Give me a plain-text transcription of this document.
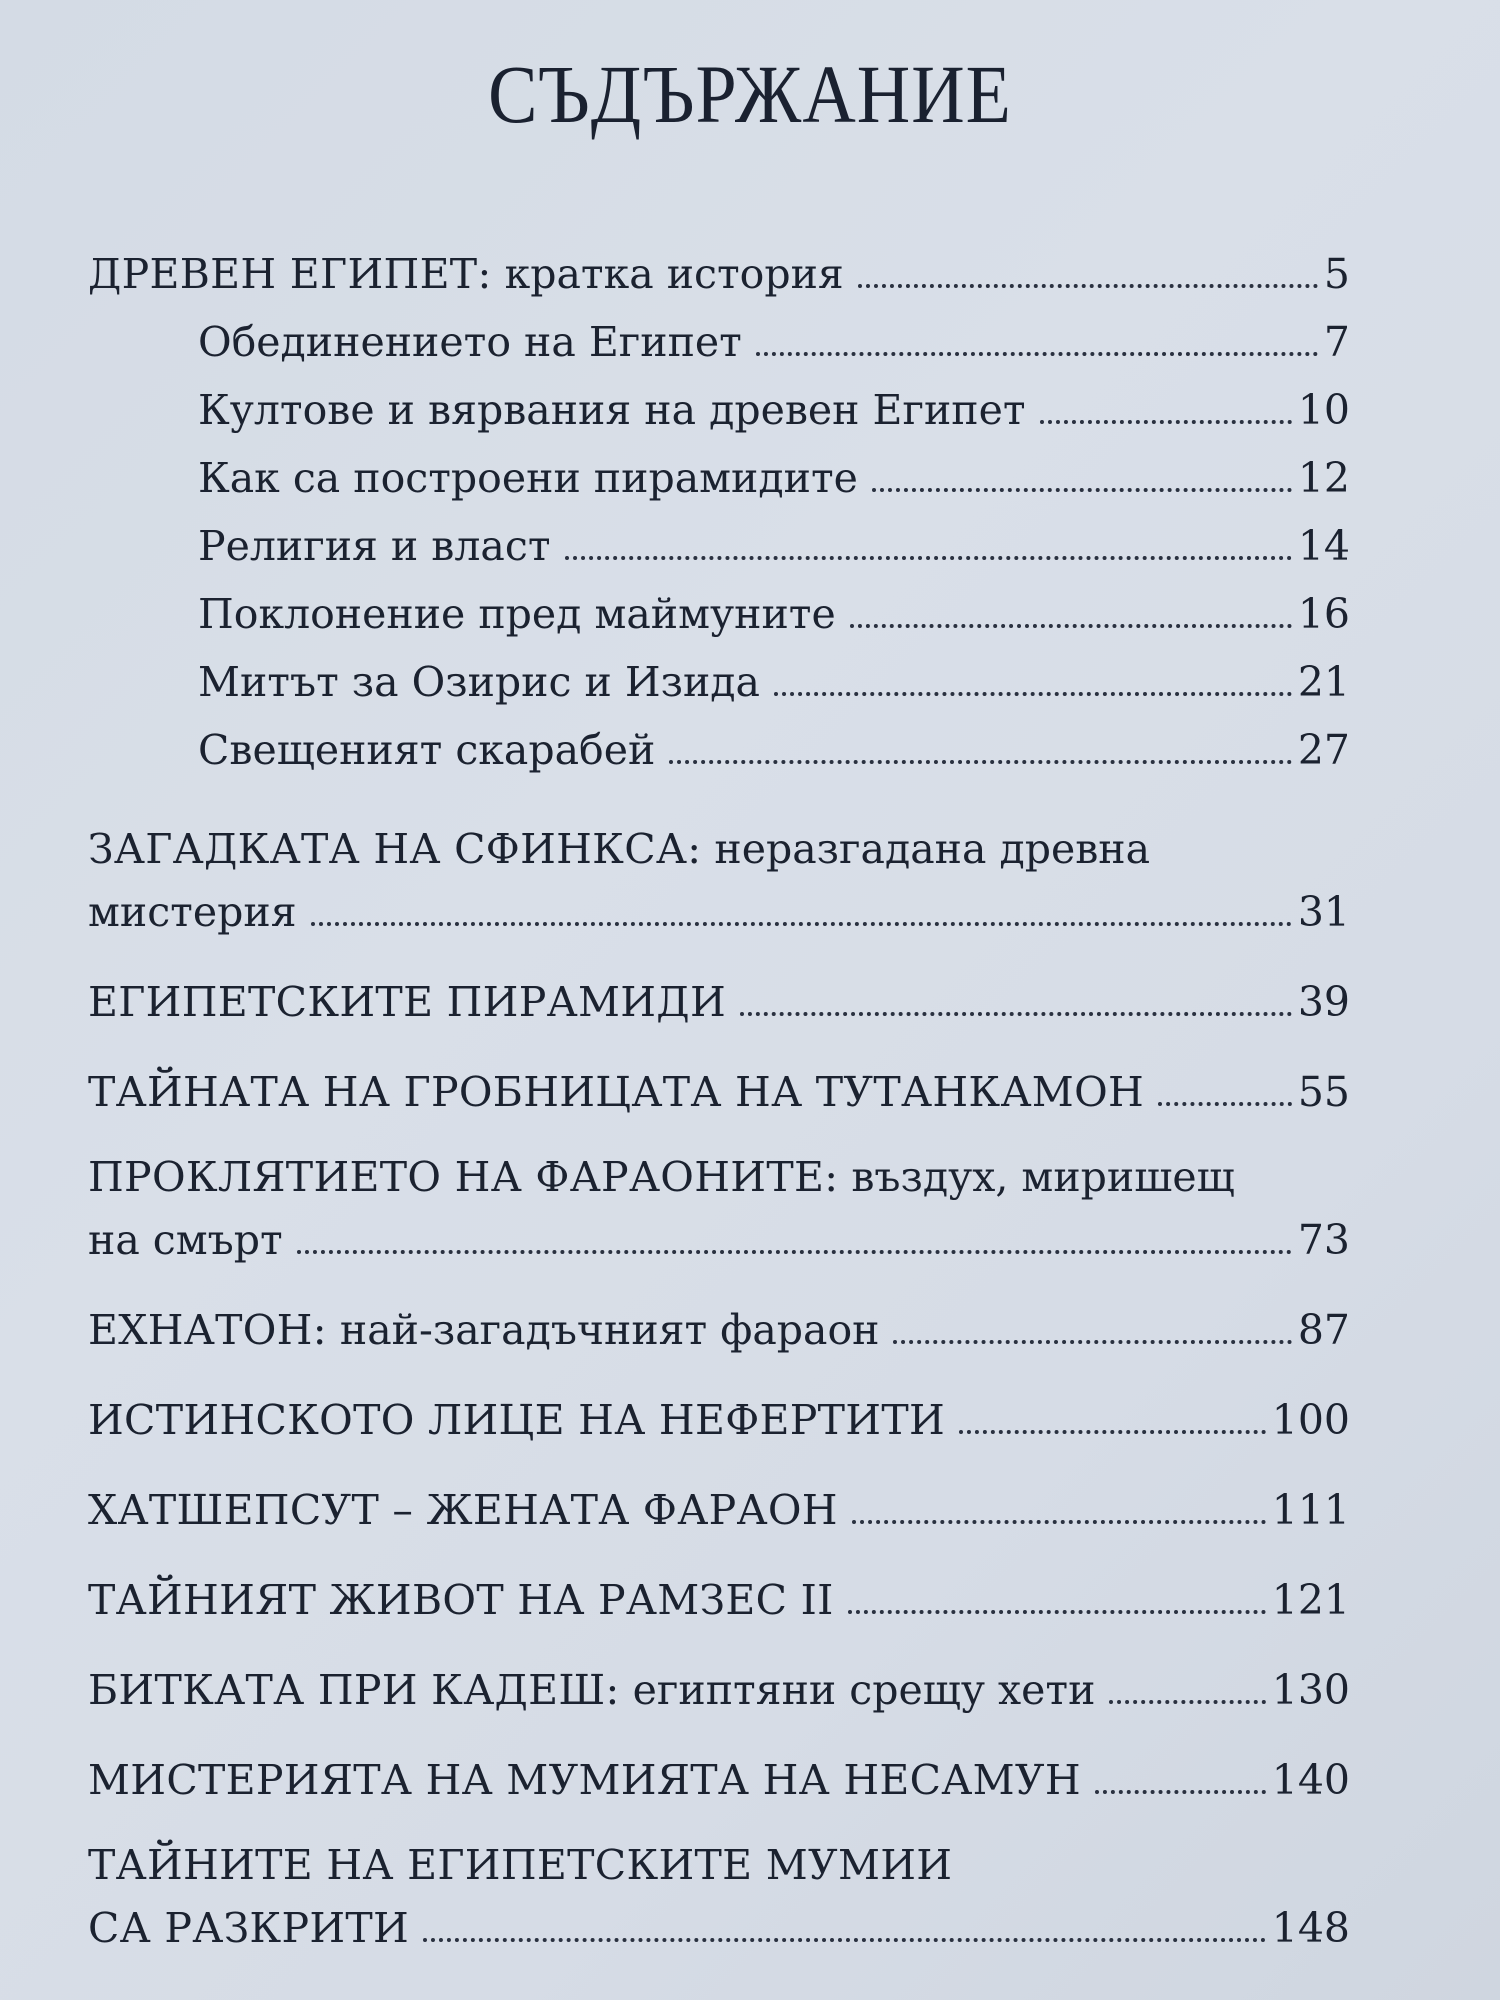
СЪДЪРЖАНИЕ
ДРЕВЕН ЕГИПЕТ: кратка история	5
Обединението на Египет	7
Култове и вярвания на древен Египет	10
Как са построени пирамидите	12
Религия и власт	14
Поклонение пред маймуните	16
Митът за Озирис и Изида	21
Свещеният скарабей	27
ЗАГАДКАТА НА СФИНКСА: неразгадана древна
мистерия	31
ЕГИПЕТСКИТЕ ПИРАМИДИ	39
ТАЙНАТА НА ГРОБНИЦАТА НА ТУТАНКАМОН	55
ПРОКЛЯТИЕТО НА ФАРАОНИТЕ: въздух, миришещ
на смърт	73
ЕХНАТОН: най-загадъчният фараон	87
ИСТИНСКОТО ЛИЦЕ НА НЕФЕРТИТИ	100
ХАТШЕПСУТ – ЖЕНАТА ФАРАОН	111
ТАЙНИЯТ ЖИВОТ НА РАМЗЕС II	121
БИТКАТА ПРИ КАДЕШ: египтяни срещу хети	130
МИСТЕРИЯТА НА МУМИЯТА НА НЕСАМУН	140
ТАЙНИТЕ НА ЕГИПЕТСКИТЕ МУМИИ
СА РАЗКРИТИ	148
